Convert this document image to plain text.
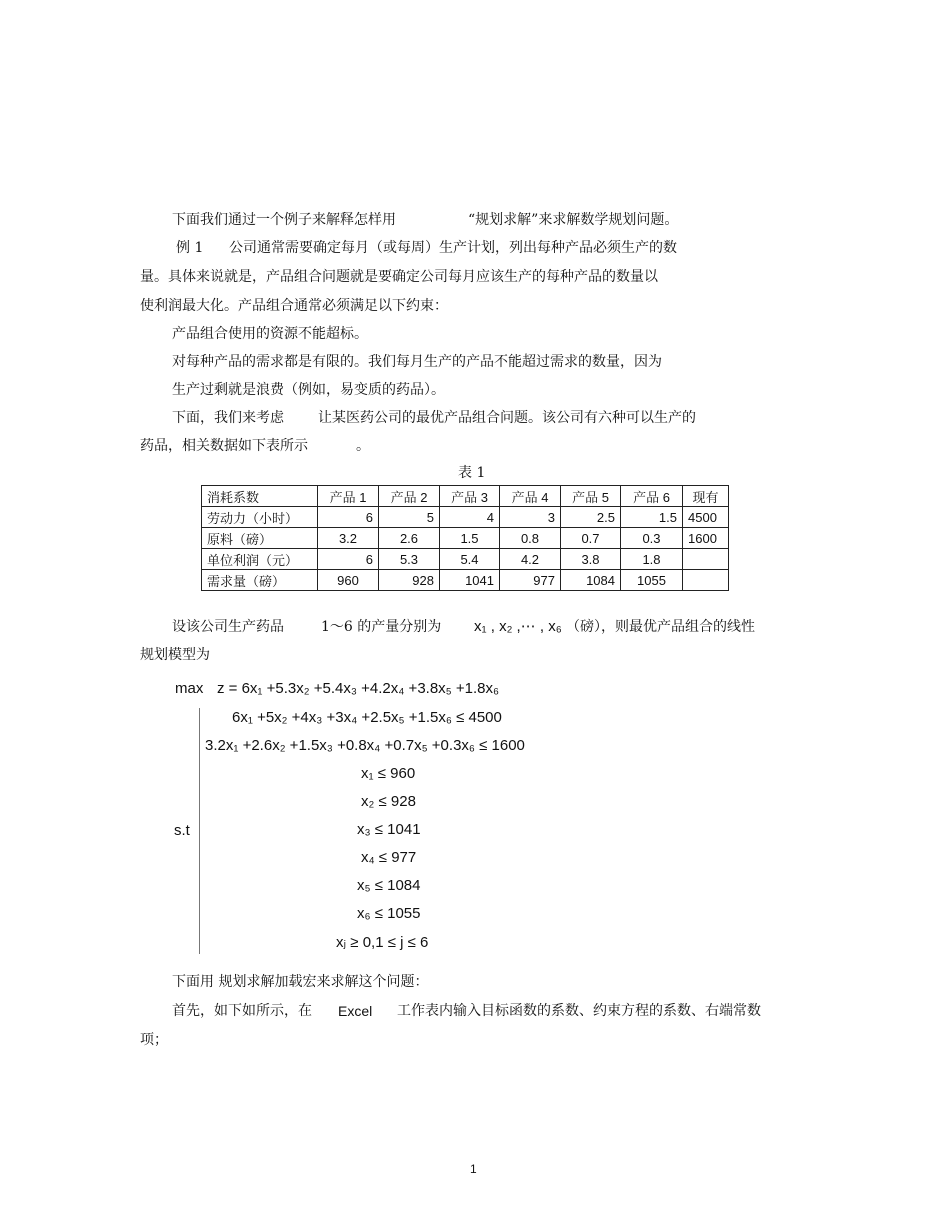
下面我们通过一个例子来解释怎样用	“规划求解”来求解数学规划问题。
例 1 公司通常需要确定每月（或每周）生产计划，列出每种产品必须生产的数
量。具体来说就是，产品组合问题就是要确定公司每月应该生产的每种产品的数量以
使利润最大化。产品组合通常必须满足以下约束：
产品组合使用的资源不能超标。
对每种产品的需求都是有限的。我们每月生产的产品不能超过需求的数量，因为
生产过剩就是浪费（例如，易变质的药品）。
下面，我们来考虑 让某医药公司的最优产品组合问题。该公司有六种可以生产的
药品，相关数据如下表所示	。
表 1
消耗系数	产品 1	产品 2	产品 3	产品 4	产品 5	产品 6	现有
劳动力（小时）	6	5	4	3	2.5	1.5	4500
原料（磅）	3.2	2.6	1.5	0.8	0.7	0.3	1600
单位利润（元）	6	5.3	5.4	4.2	3.8	1.8	
需求量（磅）	960	928	1041	977	1084	1055	
设该公司生产药品	1～6 的产量分别为 x₁ , x₂ ,⋯ , x₆ （磅），则最优产品组合的线性
规划模型为
max z = 6x₁ +5.3x₂ +5.4x₃ +4.2x₄ +3.8x₅ +1.8x₆
s.t
6x₁ +5x₂ +4x₃ +3x₄ +2.5x₅ +1.5x₆ ≤ 4500
3.2x₁ +2.6x₂ +1.5x₃ +0.8x₄ +0.7x₅ +0.3x₆ ≤ 1600
x₁ ≤ 960
x₂ ≤ 928
x₃ ≤ 1041
x₄ ≤ 977
x₅ ≤ 1084
x₆ ≤ 1055
xⱼ ≥ 0,1 ≤ j ≤ 6
下面用 规划求解加载宏来求解这个问题：
首先，如下如所示，在 Excel 工作表内输入目标函数的系数、约束方程的系数、右端常数
项；
1
